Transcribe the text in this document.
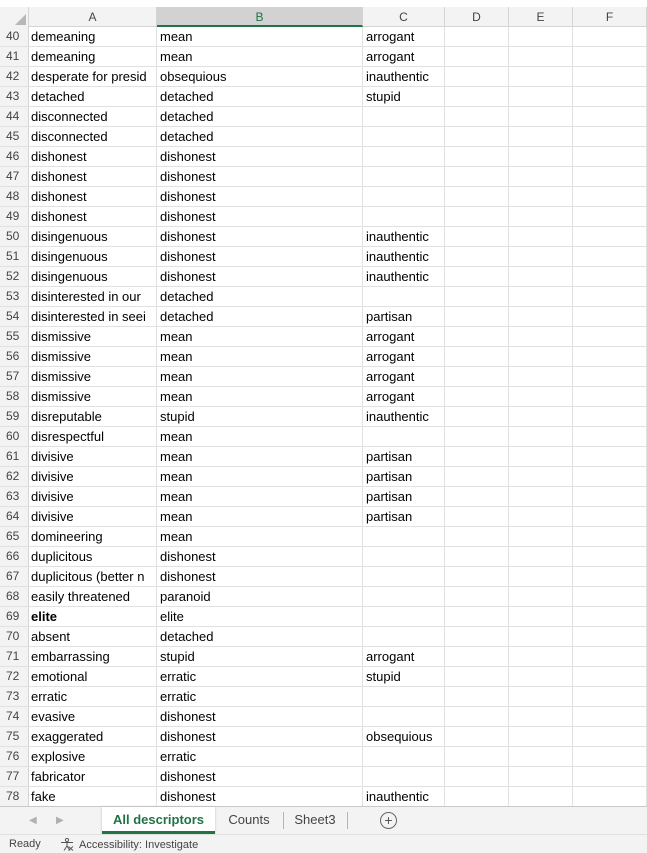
A	B	C	D	E	F
40 demeaning	mean	arrogant
41 demeaning	mean	arrogant
42 desperate for presid	obsequious	inauthentic
43 detached	detached	stupid
44 disconnected	detached
45 disconnected	detached
46 dishonest	dishonest
47 dishonest	dishonest
48 dishonest	dishonest
49 dishonest	dishonest
50 disingenuous	dishonest	inauthentic
51 disingenuous	dishonest	inauthentic
52 disingenuous	dishonest	inauthentic
53 disinterested in our	detached
54 disinterested in seei	detached	partisan
55 dismissive	mean	arrogant
56 dismissive	mean	arrogant
57 dismissive	mean	arrogant
58 dismissive	mean	arrogant
59 disreputable	stupid	inauthentic
60 disrespectful	mean
61 divisive	mean	partisan
62 divisive	mean	partisan
63 divisive	mean	partisan
64 divisive	mean	partisan
65 domineering	mean
66 duplicitous	dishonest
67 duplicitous (better n	dishonest
68 easily threatened	paranoid
69 elite	elite
70 absent	detached
71 embarrassing	stupid	arrogant
72 emotional	erratic	stupid
73 erratic	erratic
74 evasive	dishonest
75 exaggerated	dishonest	obsequious
76 explosive	erratic
77 fabricator	dishonest
78 fake	dishonest	inauthentic
◀ ▶	All descriptors	Counts	Sheet3	+
Ready	Accessibility: Investigate
